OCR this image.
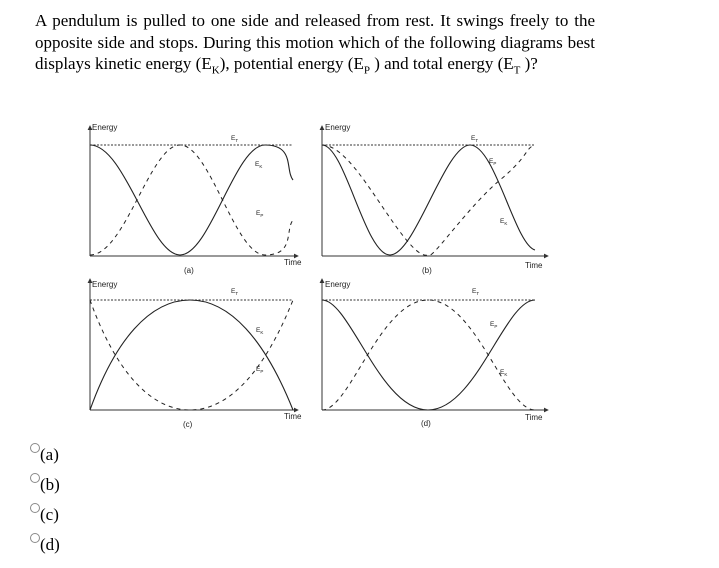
A pendulum is pulled to one side and released from rest. It swings freely to the opposite side and stops. During this motion which of the following diagrams best displays kinetic energy $(E_K)$, potential energy ($E_P$ ) and total energy ($E_T$ )?

Energy
Time
$E_T$
$E_K$
$E_P$
(a)
Energy
Time
$E_T$
$E_P$
$E_K$
(b)
Energy
Time
$E_T$
$E_K$
$E_P$
(c)
Energy
Time
$E_T$
$E_P$
$E_K$
(d)
(a)
(b)
(c)
(d)
